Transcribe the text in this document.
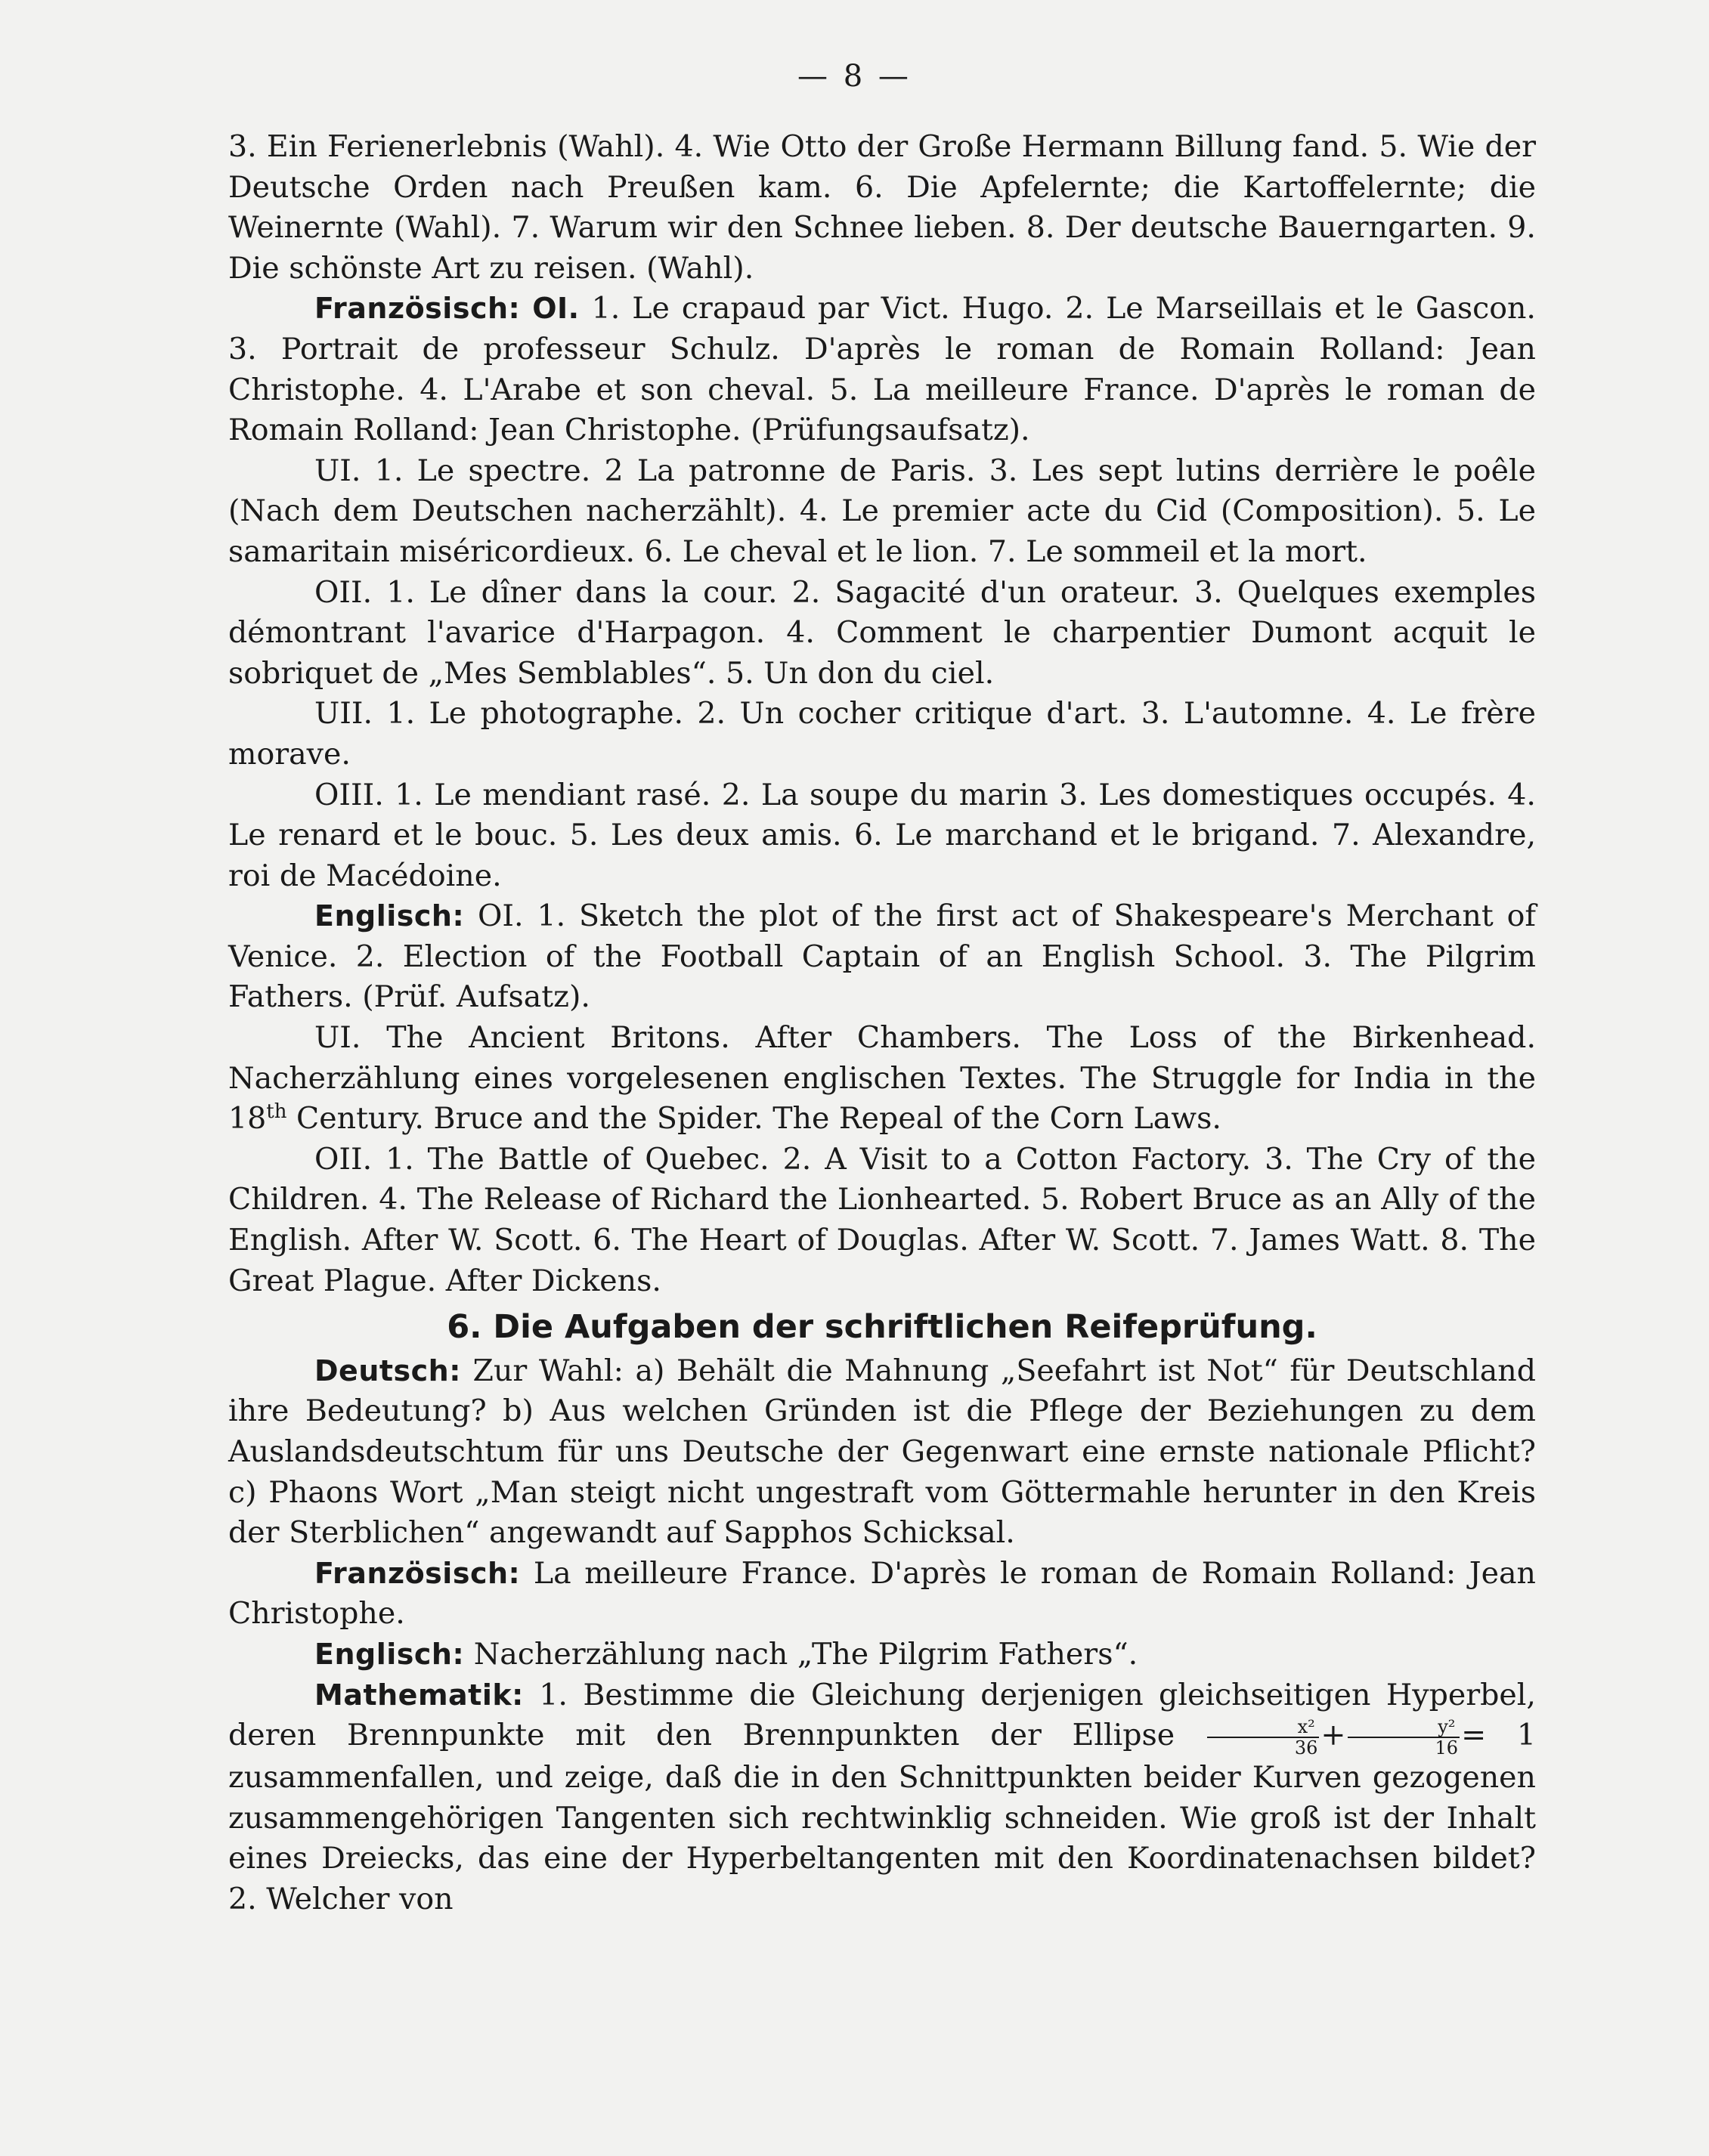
— 8 —

3. Ein Ferienerlebnis (Wahl). 4. Wie Otto der Große Hermann Billung fand. 5. Wie der Deutsche Orden nach Preußen kam. 6. Die Apfelernte; die Kartoffelernte; die Weinernte (Wahl). 7. Warum wir den Schnee lieben. 8. Der deutsche Bauerngarten. 9. Die schönste Art zu reisen. (Wahl).

Französisch: OI. 1. Le crapaud par Vict. Hugo. 2. Le Marseillais et le Gascon. 3. Portrait de professeur Schulz. D'après le roman de Romain Rolland: Jean Christophe. 4. L'Arabe et son cheval. 5. La meilleure France. D'après le roman de Romain Rolland: Jean Christophe. (Prüfungsaufsatz).

UI. 1. Le spectre. 2 La patronne de Paris. 3. Les sept lutins derrière le poêle (Nach dem Deutschen nacherzählt). 4. Le premier acte du Cid (Composition). 5. Le samaritain miséricordieux. 6. Le cheval et le lion. 7. Le sommeil et la mort.

OII. 1. Le dîner dans la cour. 2. Sagacité d'un orateur. 3. Quelques exemples démontrant l'avarice d'Harpagon. 4. Comment le charpentier Dumont acquit le sobriquet de „Mes Semblables“. 5. Un don du ciel.

UII. 1. Le photographe. 2. Un cocher critique d'art. 3. L'automne. 4. Le frère morave.

OIII. 1. Le mendiant rasé. 2. La soupe du marin 3. Les domestiques occupés. 4. Le renard et le bouc. 5. Les deux amis. 6. Le marchand et le brigand. 7. Alexandre, roi de Macédoine.

Englisch: OI. 1. Sketch the plot of the first act of Shakespeare's Merchant of Venice. 2. Election of the Football Captain of an English School. 3. The Pilgrim Fathers. (Prüf. Aufsatz).

UI. The Ancient Britons. After Chambers. The Loss of the Birkenhead. Nacherzählung eines vorgelesenen englischen Textes. The Struggle for India in the 18th Century. Bruce and the Spider. The Repeal of the Corn Laws.

OII. 1. The Battle of Quebec. 2. A Visit to a Cotton Factory. 3. The Cry of the Children. 4. The Release of Richard the Lionhearted. 5. Robert Bruce as an Ally of the English. After W. Scott. 6. The Heart of Douglas. After W. Scott. 7. James Watt. 8. The Great Plague. After Dickens.

6. Die Aufgaben der schriftlichen Reifeprüfung.

Deutsch: Zur Wahl: a) Behält die Mahnung „Seefahrt ist Not“ für Deutschland ihre Bedeutung? b) Aus welchen Gründen ist die Pflege der Beziehungen zu dem Auslandsdeutschtum für uns Deutsche der Gegenwart eine ernste nationale Pflicht? c) Phaons Wort „Man steigt nicht ungestraft vom Göttermahle herunter in den Kreis der Sterblichen“ angewandt auf Sapphos Schicksal.

Französisch: La meilleure France. D'après le roman de Romain Rolland: Jean Christophe.

Englisch: Nacherzählung nach „The Pilgrim Fathers“.

Mathematik: 1. Bestimme die Gleichung derjenigen gleichseitigen Hyperbel, deren Brennpunkte mit den Brennpunkten der Ellipse $\frac{\text{x²}}{36} + \frac{\text{y²}}{16} = 1$ zusammenfallen, und zeige, daß die in den Schnittpunkten beider Kurven gezogenen zusammengehörigen Tangenten sich rechtwinklig schneiden. Wie groß ist der Inhalt eines Dreiecks, das eine der Hyperbeltangenten mit den Koordinatenachsen bildet? 2. Welcher von
